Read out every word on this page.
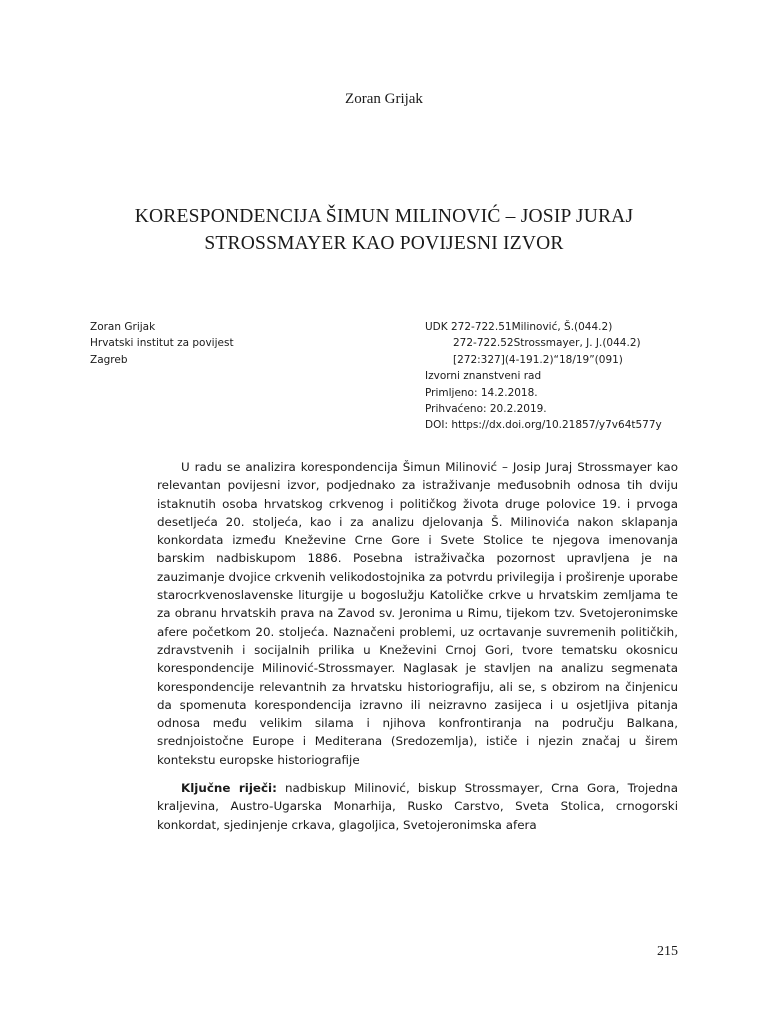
Zoran Grijak
KORESPONDENCIJA ŠIMUN MILINOVIĆ – JOSIP JURAJ
STROSSMAYER KAO POVIJESNI IZVOR
Zoran Grijak
Hrvatski institut za povijest
Zagreb
UDK 272-722.51Milinović, Š.(044.2)
272-722.52Strossmayer, J. J.(044.2)
[272:327](4-191.2)“18/19”(091)
Izvorni znanstveni rad
Primljeno: 14.2.2018.
Prihvaćeno: 20.2.2019.
DOI: https://dx.doi.org/10.21857/y7v64t577y

U radu se analizira korespondencija Šimun Milinović – Josip Juraj Strossmayer kao relevantan povijesni izvor, podjednako za istraživanje međusobnih odnosa tih dviju istaknutih osoba hrvatskog crkvenog i političkog života druge polovice 19. i prvoga desetljeća 20. stoljeća, kao i za analizu djelovanja Š. Milinovića nakon sklapanja konkordata između Kneževine Crne Gore i Svete Stolice te njegova imenovanja barskim nadbiskupom 1886. Posebna istraživačka pozornost upravljena je na zauzimanje dvojice crkvenih velikodostojnika za potvrdu privilegija i proširenje uporabe starocrkvenoslavenske liturgije u bogoslužju Katoličke crkve u hrvatskim zemljama te za obranu hrvatskih prava na Zavod sv. Jeronima u Rimu, tijekom tzv. Svetojeronimske afere početkom 20. stoljeća. Naznačeni problemi, uz ocrtavanje suvremenih političkih, zdravstvenih i socijalnih prilika u Kneževini Crnoj Gori, tvore tematsku okosnicu korespondencije Milinović-Strossmayer. Naglasak je stavljen na analizu segmenata korespondencije relevantnih za hrvatsku historiografiju, ali se, s obzirom na činjenicu da spomenuta korespondencija izravno ili neizravno zasijeca i u osjetljiva pitanja odnosa među velikim silama i njihova konfrontiranja na području Balkana, srednjoistočne Europe i Mediterana (Sredozemlja), ističe i njezin značaj u širem kontekstu europske historiografije

Ključne riječi: nadbiskup Milinović, biskup Strossmayer, Crna Gora, Trojedna kraljevina, Austro-Ugarska Monarhija, Rusko Carstvo, Sveta Stolica, crnogorski konkordat, sjedinjenje crkava, glagoljica, Svetojeronimska afera

215
